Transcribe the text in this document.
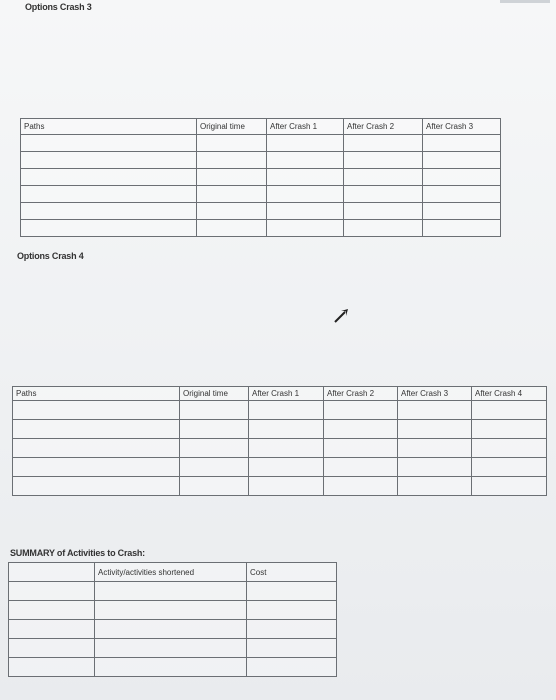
Options Crash 3
Paths	Original time	After Crash 1	After Crash 2	After Crash 3

Options Crash 4
Paths	Original time	After Crash 1	After Crash 2	After Crash 3	After Crash 4

SUMMARY of Activities to Crash:
	Activity/activities shortened	Cost
